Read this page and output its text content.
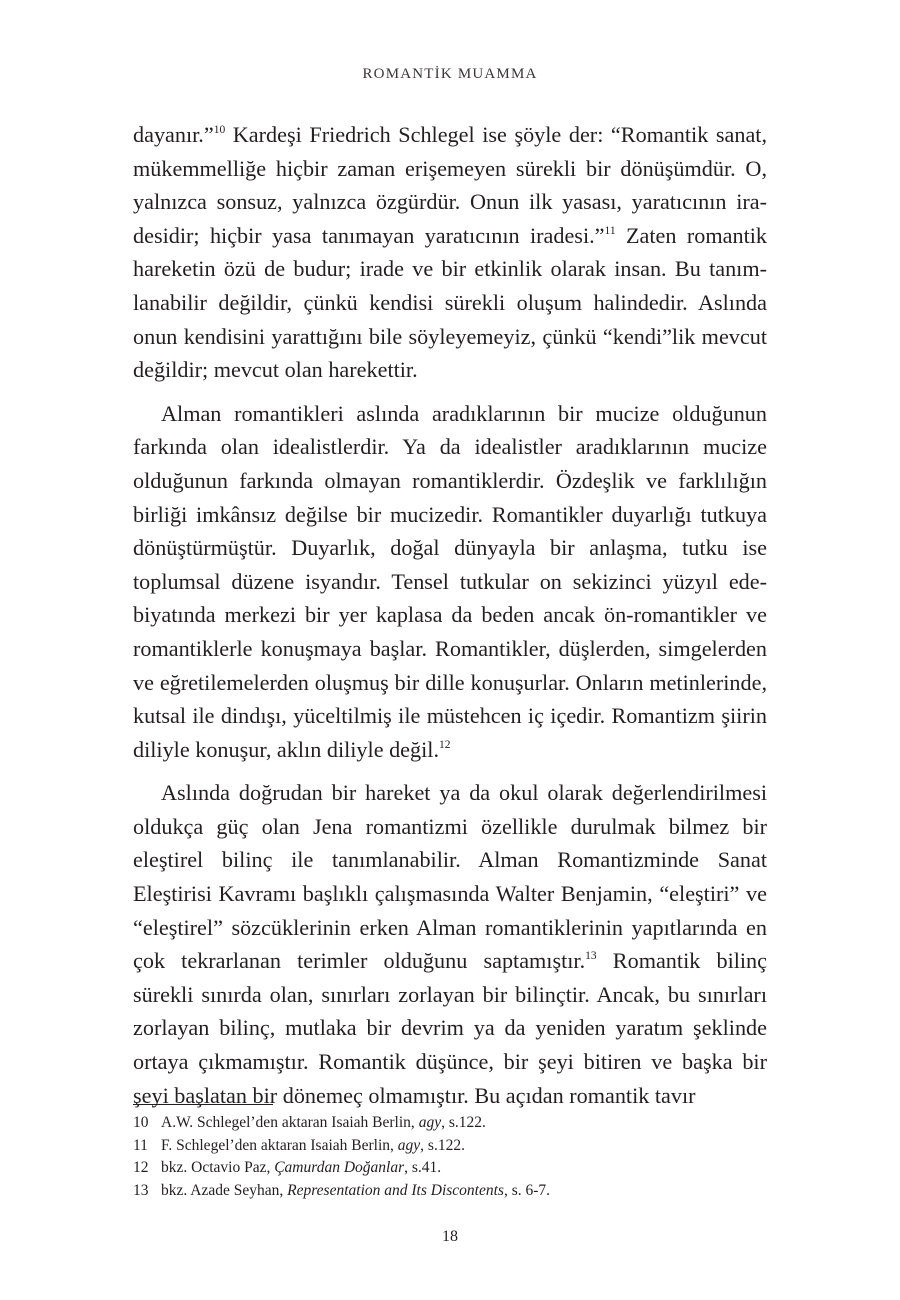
ROMANTİK MUAMMA

dayanır.”$^{10}$ Kardeşi Friedrich Schlegel ise şöyle der: “Romantik sanat, mükemmelliğe hiçbir zaman erişemeyen sürekli bir dönüşümdür. O, yalnızca sonsuz, yalnızca özgürdür. Onun ilk yasası, yaratıcının iradesidir; hiçbir yasa tanımayan yaratıcının iradesi.”$^{11}$ Zaten romantik hareketin özü de budur; irade ve bir etkinlik olarak insan. Bu tanımlanabilir değildir, çünkü kendisi sürekli oluşum halindedir. Aslında onun kendisini yarattığını bile söyleyemeyiz, çünkü “kendi”lik mevcut değildir; mevcut olan harekettir.

Alman romantikleri aslında aradıklarının bir mucize olduğunun farkında olan idealistlerdir. Ya da idealistler aradıklarının mucize olduğunun farkında olmayan romantiklerdir. Özdeşlik ve farklılığın birliği imkânsız değilse bir mucizedir. Romantikler duyarlığı tutkuya dönüştürmüştür. Duyarlık, doğal dünyayla bir anlaşma, tutku ise toplumsal düzene isyandır. Tensel tutkular on sekizinci yüzyıl edebiyatında merkezi bir yer kaplasa da beden ancak ön-romantikler ve romantiklerle konuşmaya başlar. Romantikler, düşlerden, simgelerden ve eğretilemelerden oluşmuş bir dille konuşurlar. Onların metinlerinde, kutsal ile dindışı, yüceltilmiş ile müstehcen iç içedir. Romantizm şiirin diliyle konuşur, aklın diliyle değil.$^{12}$

Aslında doğrudan bir hareket ya da okul olarak değerlendirilmesi oldukça güç olan Jena romantizmi özellikle durulmak bilmez bir eleştirel bilinç ile tanımlanabilir. Alman Romantizminde Sanat Eleştirisi Kavramı başlıklı çalışmasında Walter Benjamin, “eleştiri” ve “eleştirel” sözcüklerinin erken Alman romantiklerinin yapıtlarında en çok tekrarlanan terimler olduğunu saptamıştır.$^{13}$ Romantik bilinç sürekli sınırda olan, sınırları zorlayan bir bilinçtir. Ancak, bu sınırları zorlayan bilinç, mutlaka bir devrim ya da yeniden yaratım şeklinde ortaya çıkmamıştır. Romantik düşünce, bir şeyi bitiren ve başka bir şeyi başlatan bir dönemeç olmamıştır. Bu açıdan romantik tavır

10 A.W. Schlegel’den aktaran Isaiah Berlin, agy, s.122.
11 F. Schlegel’den aktaran Isaiah Berlin, agy, s.122.
12 bkz. Octavio Paz, Çamurdan Doğanlar, s.41.
13 bkz. Azade Seyhan, Representation and Its Discontents, s. 6-7.
18
